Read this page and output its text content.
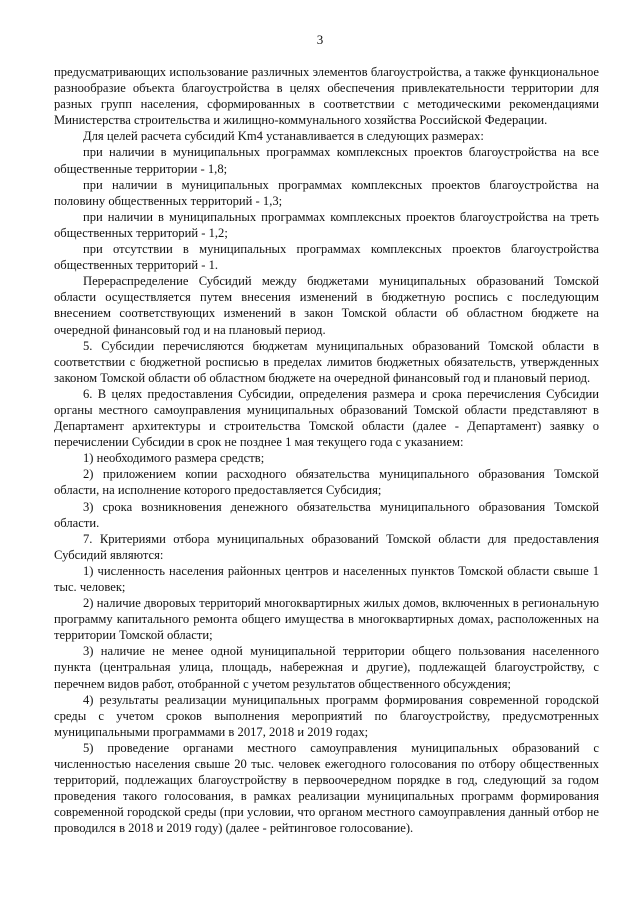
3

предусматривающих использование различных элементов благоустройства, а также функциональное разнообразие объекта благоустройства в целях обеспечения привлекательности территории для разных групп населения, сформированных в соответствии с методическими рекомендациями Министерства строительства и жилищно-коммунального хозяйства Российской Федерации.

Для целей расчета субсидий Km4 устанавливается в следующих размерах:

при наличии в муниципальных программах комплексных проектов благоустройства на все общественные территории - 1,8;

при наличии в муниципальных программах комплексных проектов благоустройства на половину общественных территорий - 1,3;

при наличии в муниципальных программах комплексных проектов благоустройства на треть общественных территорий - 1,2;

при отсутствии в муниципальных программах комплексных проектов благоустройства общественных территорий - 1.

Перераспределение Субсидий между бюджетами муниципальных образований Томской области осуществляется путем внесения изменений в бюджетную роспись с последующим внесением соответствующих изменений в закон Томской области об областном бюджете на очередной финансовый год и на плановый период.

5. Субсидии перечисляются бюджетам муниципальных образований Томской области в соответствии с бюджетной росписью в пределах лимитов бюджетных обязательств, утвержденных законом Томской области об областном бюджете на очередной финансовый год и плановый период.

6. В целях предоставления Субсидии, определения размера и срока перечисления Субсидии органы местного самоуправления муниципальных образований Томской области представляют в Департамент архитектуры и строительства Томской области (далее - Департамент) заявку о перечислении Субсидии в срок не позднее 1 мая текущего года с указанием:

1) необходимого размера средств;

2) приложением копии расходного обязательства муниципального образования Томской области, на исполнение которого предоставляется Субсидия;

3) срока возникновения денежного обязательства муниципального образования Томской области.

7. Критериями отбора муниципальных образований Томской области для предоставления Субсидий являются:

1) численность населения районных центров и населенных пунктов Томской области свыше 1 тыс. человек;

2) наличие дворовых территорий многоквартирных жилых домов, включенных в региональную программу капитального ремонта общего имущества в многоквартирных домах, расположенных на территории Томской области;

3) наличие не менее одной муниципальной территории общего пользования населенного пункта (центральная улица, площадь, набережная и другие), подлежащей благоустройству, с перечнем видов работ, отобранной с учетом результатов общественного обсуждения;

4) результаты реализации муниципальных программ формирования современной городской среды с учетом сроков выполнения мероприятий по благоустройству, предусмотренных муниципальными программами в 2017, 2018 и 2019 годах;

5) проведение органами местного самоуправления муниципальных образований с численностью населения свыше 20 тыс. человек ежегодного голосования по отбору общественных территорий, подлежащих благоустройству в первоочередном порядке в год, следующий за годом проведения такого голосования, в рамках реализации муниципальных программ формирования современной городской среды (при условии, что органом местного самоуправления данный отбор не проводился в 2018 и 2019 году) (далее - рейтинговое голосование).
